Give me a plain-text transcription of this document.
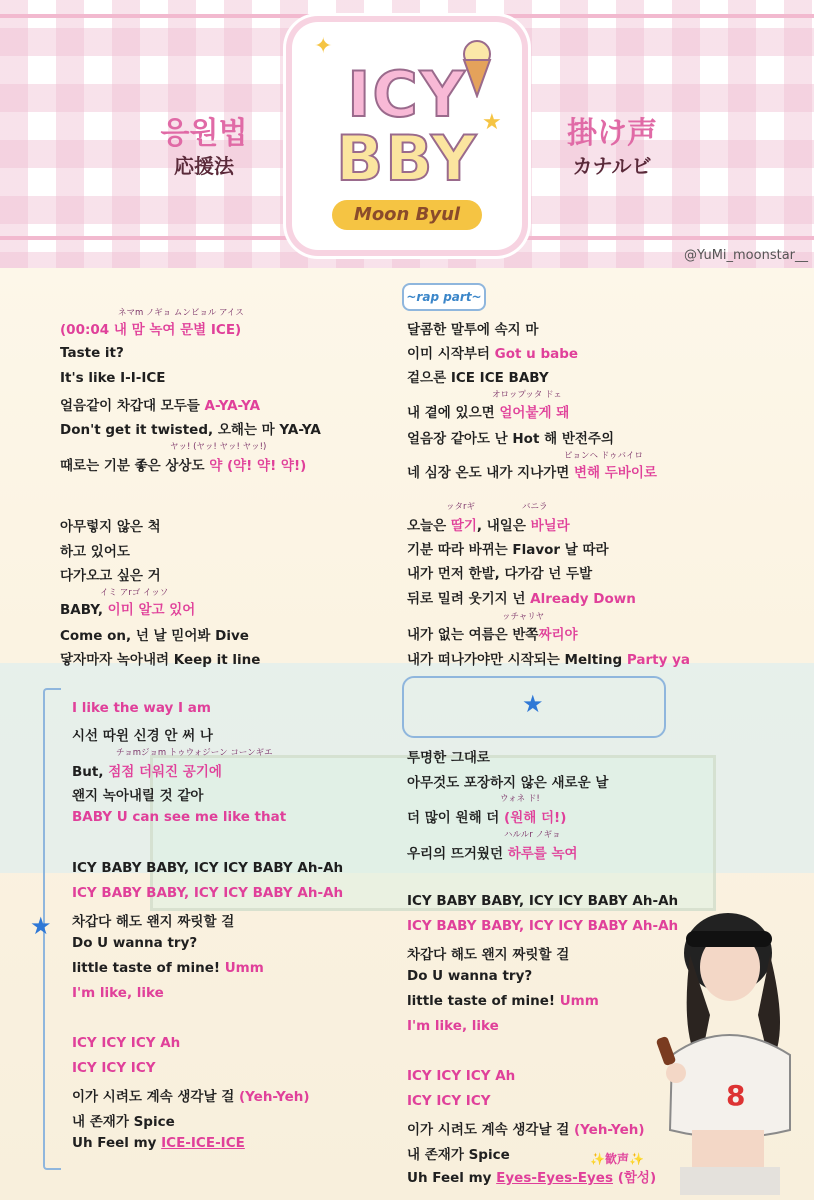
응원법
応援法
掛け声
カナルビ
✦
★
ICY
BBY
Moon Byul
@YuMi_moonstar__
~rap part~
★
★
ネマm ノギョ ムンビョル アイス
(00:04 내 맘 녹여 문별 ICE)
Taste it?
It's like I-I-ICE
얼음같이 차갑대 모두들 A-YA-YA
Don't get it twisted, 오해는 마 YA-YA
ヤッ! (ヤッ! ヤッ! ヤッ!)
때로는 기분 좋은 상상도 약 (약! 약! 약!)
아무렇지 않은 척
하고 있어도
다가오고 싶은 거
イミ アrゴ イッソ
BABY, 이미 알고 있어
Come on, 넌 날 믿어봐 Dive
닿자마자 녹아내려 Keep it line
I like the way I am
시선 따윈 신경 안 써 나
チョmジョm トゥウォジーン コーンギエ
But, 점점 더워진 공기에
왠지 녹아내릴 것 같아
BABY U can see me like that
ICY BABY BABY, ICY ICY BABY Ah-Ah
ICY BABY BABY, ICY ICY BABY Ah-Ah
차갑다 해도 왠지 짜릿할 걸
Do U wanna try?
little taste of mine! Umm
I'm like, like
ICY ICY ICY Ah
ICY ICY ICY
이가 시려도 계속 생각날 걸 (Yeh-Yeh)
내 존재가 Spice
Uh Feel my ICE-ICE-ICE
달콤한 말투에 속지 마
이미 시작부터 Got u babe
겉으론 ICE ICE BABY
オロップッタ ドェ
내 곁에 있으면 얼어붙게 돼
얼음장 같아도 난 Hot 해 반전주의
ピョンヘ ドゥバイロ
네 심장 온도 내가 지나가면 변해 두바이로
ッタrギ	バニラ
오늘은 딸기, 내일은 바닐라
기분 따라 바뀌는 Flavor 날 따라
내가 먼저 한발, 다가감 넌 두발
뒤로 밀려 웃기지 넌 Already Down
ッチャリヤ
내가 없는 여름은 반쪽짜리야
내가 떠나가야만 시작되는 Melting Party ya
투명한 그대로
아무것도 포장하지 않은 새로운 날
ウォネ ド!
더 많이 원해 더 (원해 더!)
ハルルr ノギョ
우리의 뜨거웠던 하루를 녹여
ICY BABY BABY, ICY ICY BABY Ah-Ah
ICY BABY BABY, ICY ICY BABY Ah-Ah
차갑다 해도 왠지 짜릿할 걸
Do U wanna try?
little taste of mine! Umm
I'm like, like
ICY ICY ICY Ah
ICY ICY ICY
이가 시려도 계속 생각날 걸 (Yeh-Yeh)
내 존재가 Spice	✨歓声✨
Uh Feel my Eyes-Eyes-Eyes (함성)
8
